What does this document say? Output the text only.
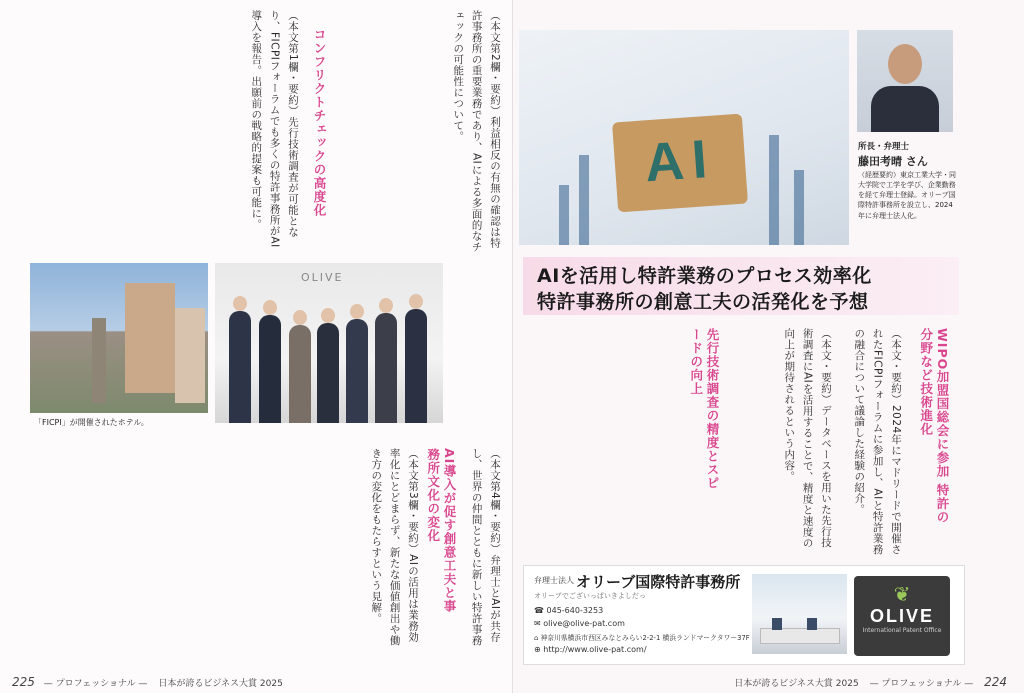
（本文第1欄・要約）先行技術調査が可能となり、FICPIフォーラムでも多くの特許事務所がAI導入を報告。出願前の戦略的提案も可能に。	コンフリクトチェックの高度化	（本文第2欄・要約）利益相反の有無の確認は特許事務所の重要業務であり、AIによる多面的なチェックの可能性について。
「FICPI」が開催されたホテル。
OLIVE
（本文第3欄・要約）AIの活用は業務効率化にとどまらず、新たな価値創出や働き方の変化をもたらすという見解。	AI導入が促す創意工夫と事務所文化の変化	（本文第4欄・要約）弁理士とAIが共存し、世界の仲間とともに新しい特許事務
225 — プロフェッショナル — 日本が誇るビジネス大賞 2025
AI	所長・弁理士
藤田考晴 さん
（経歴要約）東京工業大学・同大学院で工学を学び、企業勤務を経て弁理士登録。オリーブ国際特許事務所を設立し、2024年に弁理士法人化。
AIを活用し特許業務のプロセス効率化
特許事務所の創意工夫の活発化を予想
WIPO加盟国総会に参加 特許の分野など技術進化
（本文・要約）2024年にマドリードで開催されたFICPIフォーラムに参加し、AIと特許業務の融合について議論した経験の紹介。
先行技術調査の精度とスピードの向上	（本文・要約）データベースを用いた先行技術調査にAIを活用することで、精度と速度の向上が期待されるという内容。
弁理士法人 オリーブ国際特許事務所
オリーブでございっぱいきよしだっ
☎ 045-640-3253
✉ olive@olive-pat.com
⌂ 神奈川県横浜市西区みなとみらい2-2-1 横浜ランドマークタワー37F
⊕ http://www.olive-pat.com/
❦
OLIVE
International Patent Office
日本が誇るビジネス大賞 2025 — プロフェッショナル — 224
